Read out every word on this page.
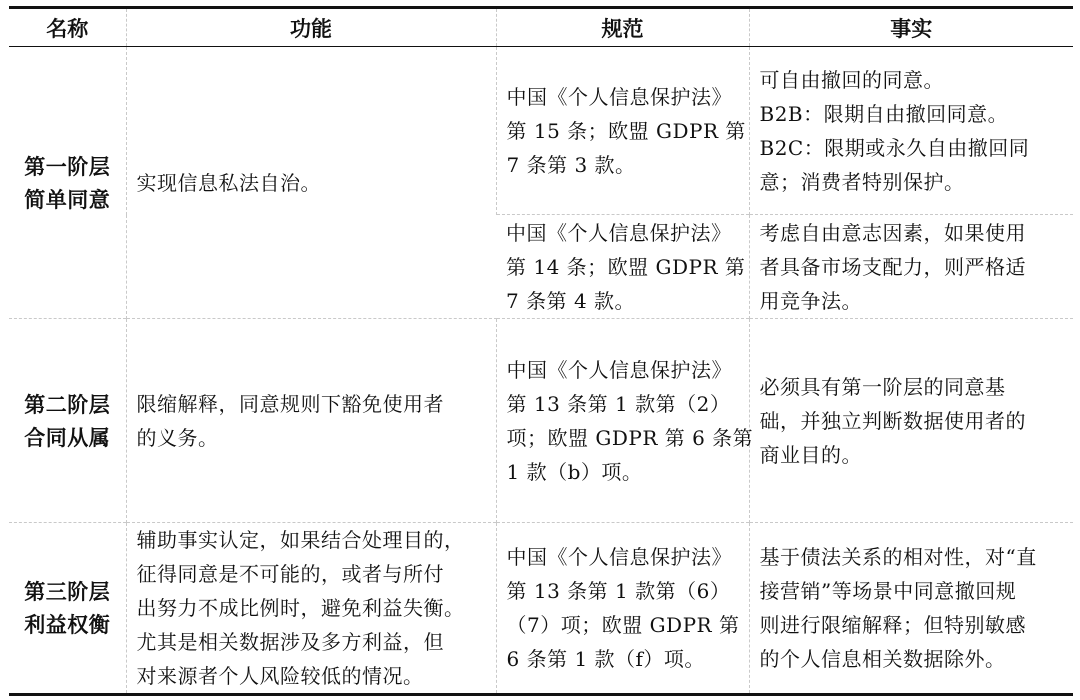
名称	功能	规范	事实

第一阶层
简单同意	实现信息私法自治。	中国《个人信息保护法》
第 15 条；欧盟 GDPR 第
7 条第 3 款。	可自由撤回的同意。
B2B：限期自由撤回同意。
B2C：限期或永久自由撤回同
意；消费者特别保护。

		中国《个人信息保护法》
第 14 条；欧盟 GDPR 第
7 条第 4 款。	考虑自由意志因素，如果使用
者具备市场支配力，则严格适
用竞争法。

第二阶层
合同从属	限缩解释，同意规则下豁免使用者
的义务。	中国《个人信息保护法》
第 13 条第 1 款第（2）
项；欧盟 GDPR 第 6 条第
1 款（b）项。	必须具有第一阶层的同意基
础，并独立判断数据使用者的
商业目的。

第三阶层
利益权衡	辅助事实认定，如果结合处理目的，
征得同意是不可能的，或者与所付
出努力不成比例时，避免利益失衡。
尤其是相关数据涉及多方利益，但
对来源者个人风险较低的情况。	中国《个人信息保护法》
第 13 条第 1 款第（6）
（7）项；欧盟 GDPR 第
6 条第 1 款（f）项。	基于债法关系的相对性，对“直
接营销”等场景中同意撤回规
则进行限缩解释；但特别敏感
的个人信息相关数据除外。
